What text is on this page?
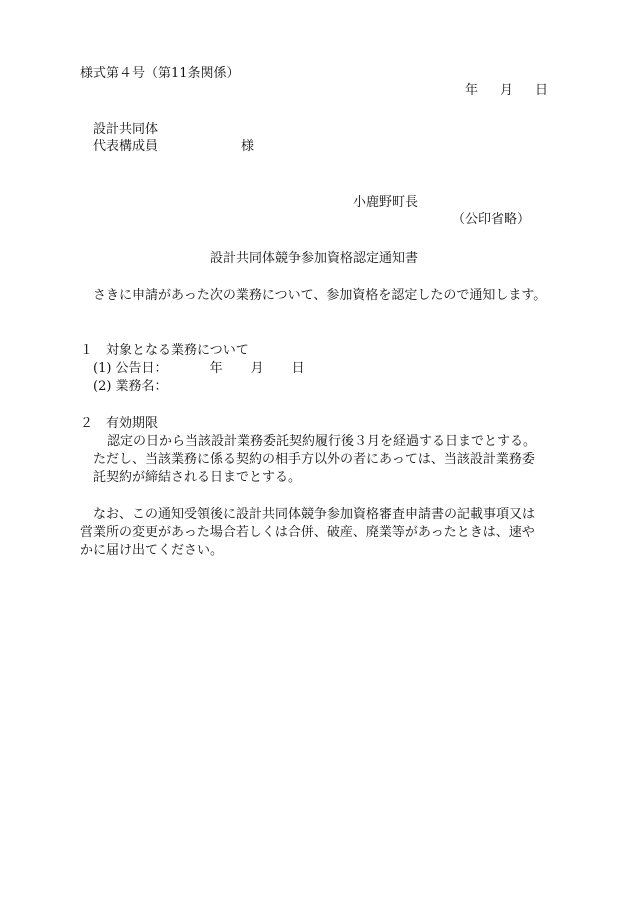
様式第４号（第11条関係）
年 月 日
設計共同体
代表構成員	様
小鹿野町長
（公印省略）
設計共同体競争参加資格認定通知書
さきに申請があった次の業務について、参加資格を認定したので通知します。
１　対象となる業務について
(1) 公告日：	年 月 日
(2) 業務名：
２　有効期限
認定の日から当該設計業務委託契約履行後３月を経過する日までとする。
ただし、当該業務に係る契約の相手方以外の者にあっては、当該設計業務委
託契約が締結される日までとする。
なお、この通知受領後に設計共同体競争参加資格審査申請書の記載事項又は
営業所の変更があった場合若しくは合併、破産、廃業等があったときは、速や
かに届け出てください。
